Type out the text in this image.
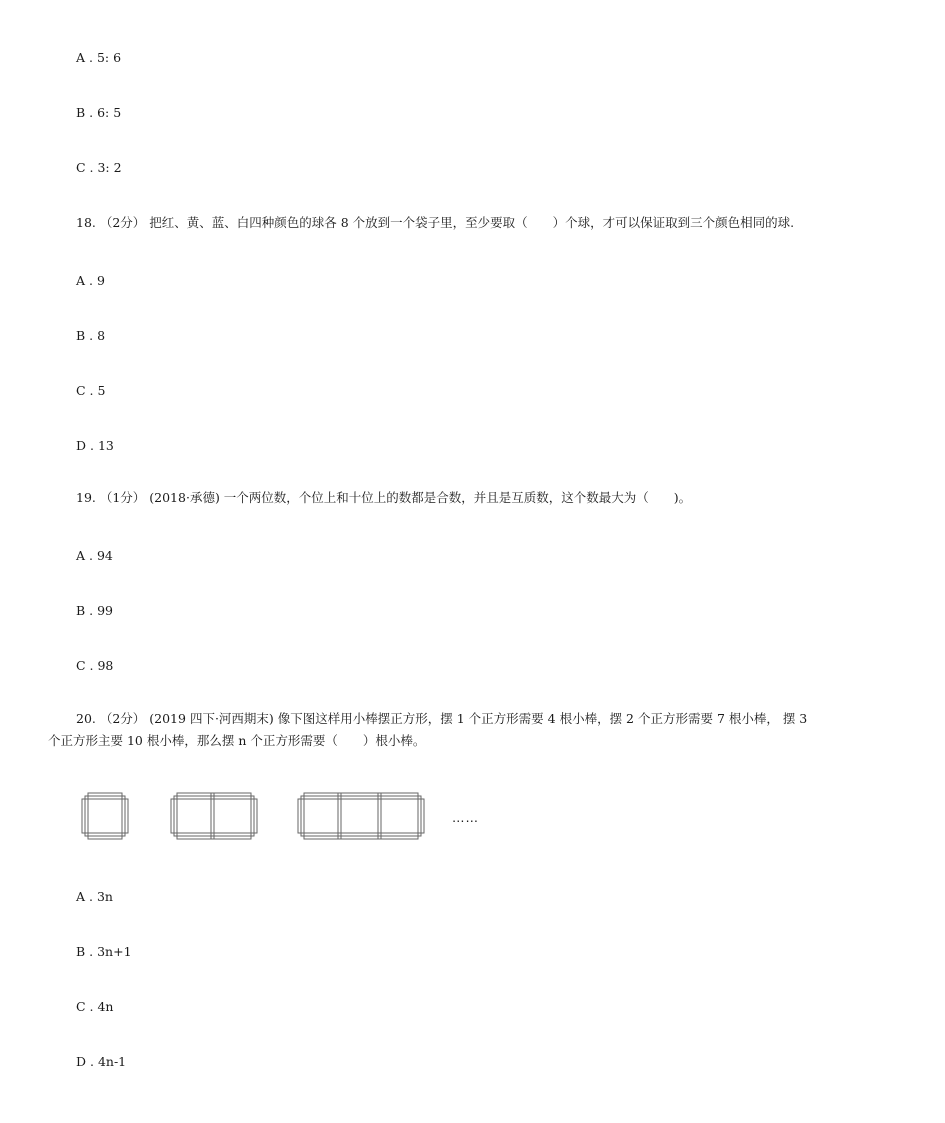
A . 5: 6
B . 6: 5
C . 3: 2
18. （2分） 把红、黄、蓝、白四种颜色的球各 8 个放到一个袋子里，至少要取（　　）个球，才可以保证取到三个颜色相同的球.
A . 9
B . 8
C . 5
D . 13
19. （1分） (2018·承德) 一个两位数，个位上和十位上的数都是合数，并且是互质数，这个数最大为（　　)。
A . 94
B . 99
C . 98
20. （2分） (2019 四下·河西期末) 像下图这样用小棒摆正方形，摆 1 个正方形需要 4 根小棒，摆 2 个正方形需要 7 根小棒， 摆 3
个正方形主要 10 根小棒，那么摆 n 个正方形需要（　　）根小棒。
……
A . 3n
B . 3n+1
C . 4n
D . 4n-1
